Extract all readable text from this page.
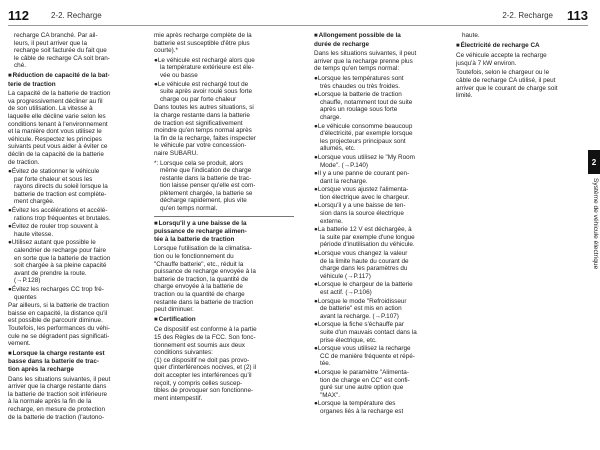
112	2-2. Recharge

recharge CA branché. Par ail-
leurs, il peut arriver que la
recharge soit facturée du fait que
le câble de recharge CA soit bran-
ché.

■Réduction de capacité de la bat-
terie de traction

La capacité de la batterie de traction
va progressivement décliner au fil
de son utilisation. La vitesse à
laquelle elle décline varie selon les
conditions tenant à l'environnement
et la manière dont vous utilisez le
véhicule. Respectez les principes
suivants peut vous aider à éviter ce
déclin de la capacité de la batterie
de traction.

●Évitez de stationner le véhicule
par forte chaleur et sous les
rayons directs du soleil lorsque la
batterie de traction est complète-
ment chargée.

●Évitez les accélérations et accélé-
rations trop fréquentes et brutales.

●Évitez de rouler trop souvent à
haute vitesse.

●Utilisez autant que possible le
calendrier de recharge pour faire
en sorte que la batterie de traction
soit chargée à sa pleine capacité
avant de prendre la route.
(→P.128)

●Évitez les recharges CC trop fré-
quentes

Par ailleurs, si la batterie de traction
baisse en capacité, la distance qu'il
est possible de parcourir diminue.
Toutefois, les performances du véhi-
cule ne se dégradent pas significati-
vement.

■Lorsque la charge restante est
basse dans la batterie de trac-
tion après la recharge

Dans les situations suivantes, il peut
arriver que la charge restante dans
la batterie de traction soit inférieure
à la normale après la fin de la
recharge, en mesure de protection
de la batterie de traction (l'autono-

mie après recharge complète de la
batterie est susceptible d'être plus
courte).*

●Le véhicule est rechargé alors que
la température extérieure est éle-
vée ou basse

●Le véhicule est rechargé tout de
suite après avoir roulé sous forte
charge ou par forte chaleur

Dans toutes les autres situations, si
la charge restante dans la batterie
de traction est significativement
moindre qu'en temps normal après
la fin de la recharge, faites inspecter
le véhicule par votre concession-
naire SUBARU.

*: Lorsque cela se produit, alors
même que l'indication de charge
restante dans la batterie de trac-
tion laisse penser qu'elle est com-
plètement chargée, la batterie se
décharge rapidement, plus vite
qu'en temps normal.

■Lorsqu'il y a une baisse de la
puissance de recharge alimen-
tée à la batterie de traction

Lorsque l'utilisation de la climatisa-
tion ou le fonctionnement du
"Chauffe batterie", etc., réduit la
puissance de recharge envoyée à la
batterie de traction, la quantité de
charge envoyée à la batterie de
traction ou la quantité de charge
restante dans la batterie de traction
peut diminuer.

■Certification

Ce dispositif est conforme à la partie
15 des Règles de la FCC. Son fonc-
tionnement est soumis aux deux
conditions suivantes:
(1) ce dispositif ne doit pas provo-
quer d'interférences nocives, et (2) il
doit accepter les interférences qu'il
reçoit, y compris celles suscep-
tibles de provoquer son fonctionne-
ment intempestif.

2-2. Recharge 113

■Allongement possible de la
durée de recharge

Dans les situations suivantes, il peut
arriver que la recharge prenne plus
de temps qu'en temps normal:

●Lorsque les températures sont
très chaudes ou très froides.

●Lorsque la batterie de traction
chauffe, notamment tout de suite
après un roulage sous forte
charge.

●Le véhicule consomme beaucoup
d'électricité, par exemple lorsque
les projecteurs principaux sont
allumés, etc.

●Lorsque vous utilisez le "My Room
Mode". (→P.140)

●Il y a une panne de courant pen-
dant la recharge.

●Lorsque vous ajustez l'alimenta-
tion électrique avec le chargeur.

●Lorsqu'il y a une baisse de ten-
sion dans la source électrique
externe.

●La batterie 12 V est déchargée, à
la suite par exemple d'une longue
période d'inutilisation du véhicule.

●Lorsque vous changez la valeur
de la limite haute du courant de
charge dans les paramètres du
véhicule (→P.117)

●Lorsque le chargeur de la batterie
est actif. (→P.106)

●Lorsque le mode "Refroidisseur
de batterie" est mis en action
avant la recharge. (→P.107)

●Lorsque la fiche s'échauffe par
suite d'un mauvais contact dans la
prise électrique, etc.

●Lorsque vous utilisez la recharge
CC de manière fréquente et répé-
tée.

●Lorsque le paramètre "Alimenta-
tion de charge en CC" est confi-
guré sur une autre option que
"MAX".

●Lorsque la température des
organes liés à la recharge est

haute.

■Électricité de recharge CA

Ce véhicule accepte la recharge
jusqu'à 7 kW environ.

Toutefois, selon le chargeur ou le
câble de recharge CA utilisé, il peut
arriver que le courant de charge soit
limité.

2
Système de véhicule électrique
